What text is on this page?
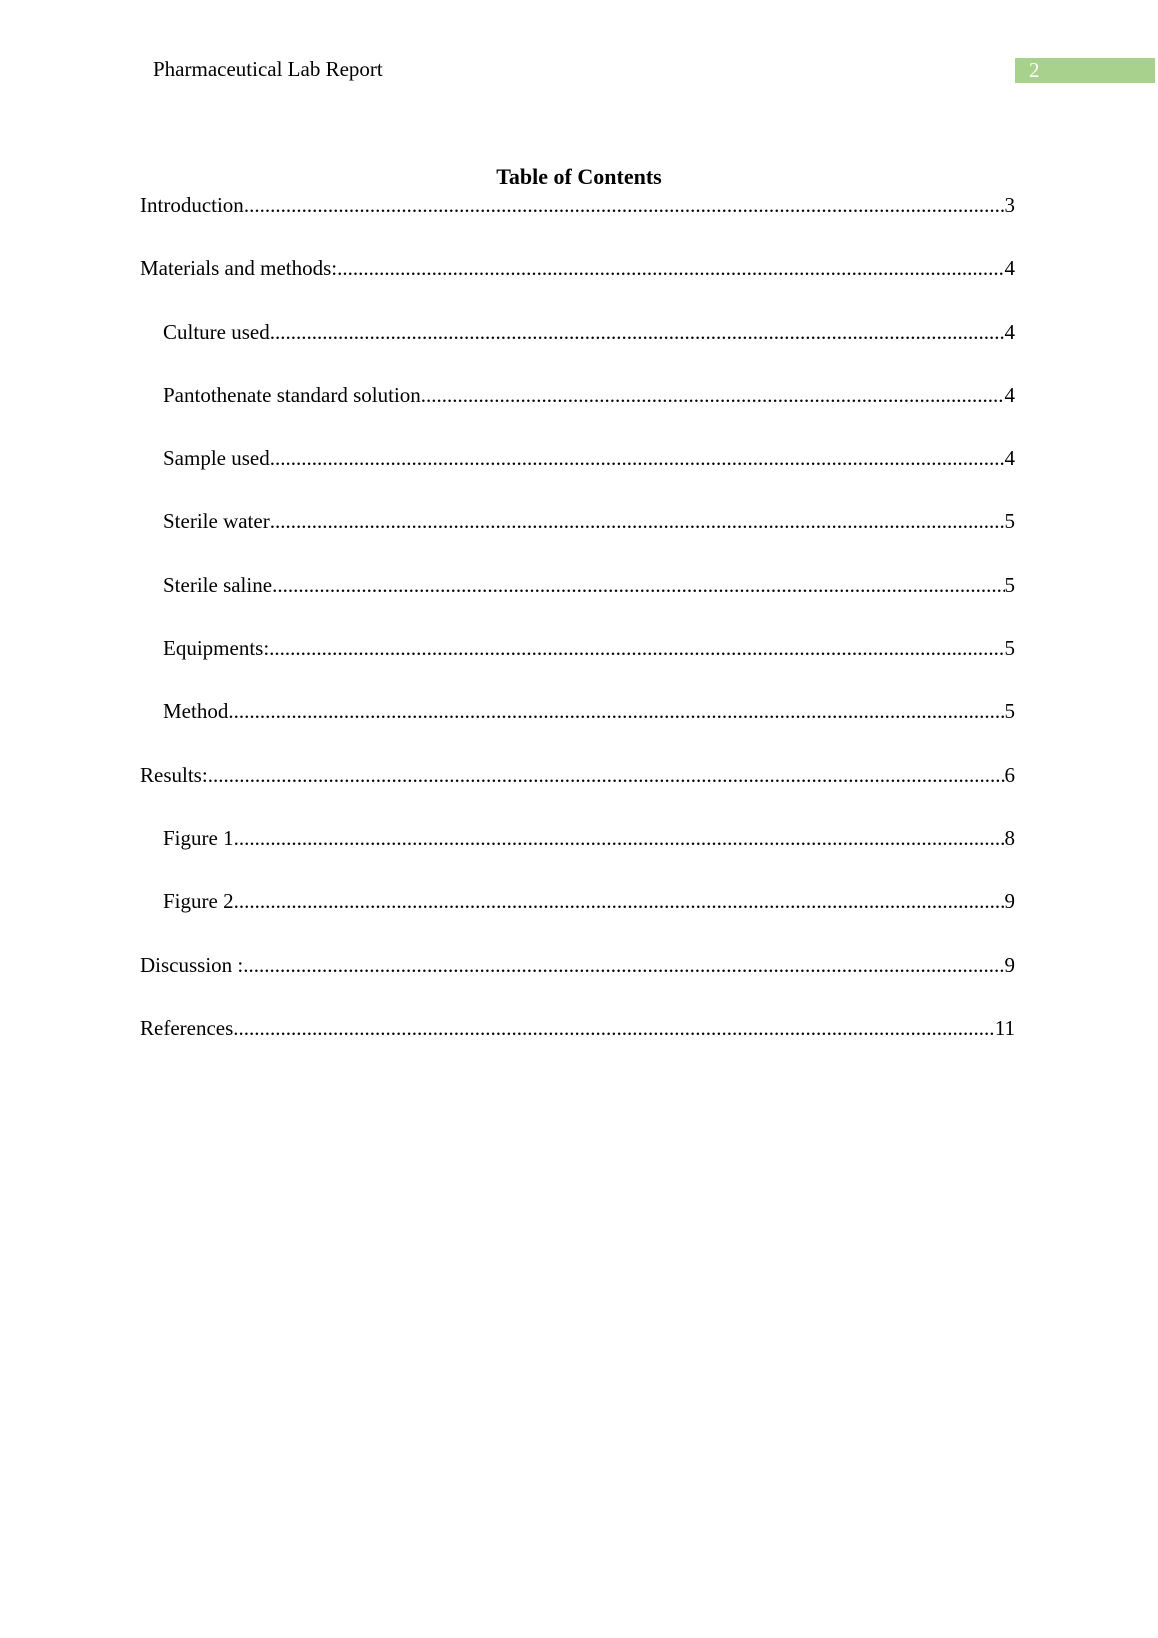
Pharmaceutical Lab Report	2
Table of Contents
Introduction .....	3
Materials and methods: .....	4
Culture used .....	4
Pantothenate standard solution .....	4
Sample used .....	4
Sterile water .....	5
Sterile saline .....	5
Equipments: .....	5
Method .....	5
Results: .....	6
Figure 1 .....	8
Figure 2 .....	9
Discussion : .....	9
References .....	11
